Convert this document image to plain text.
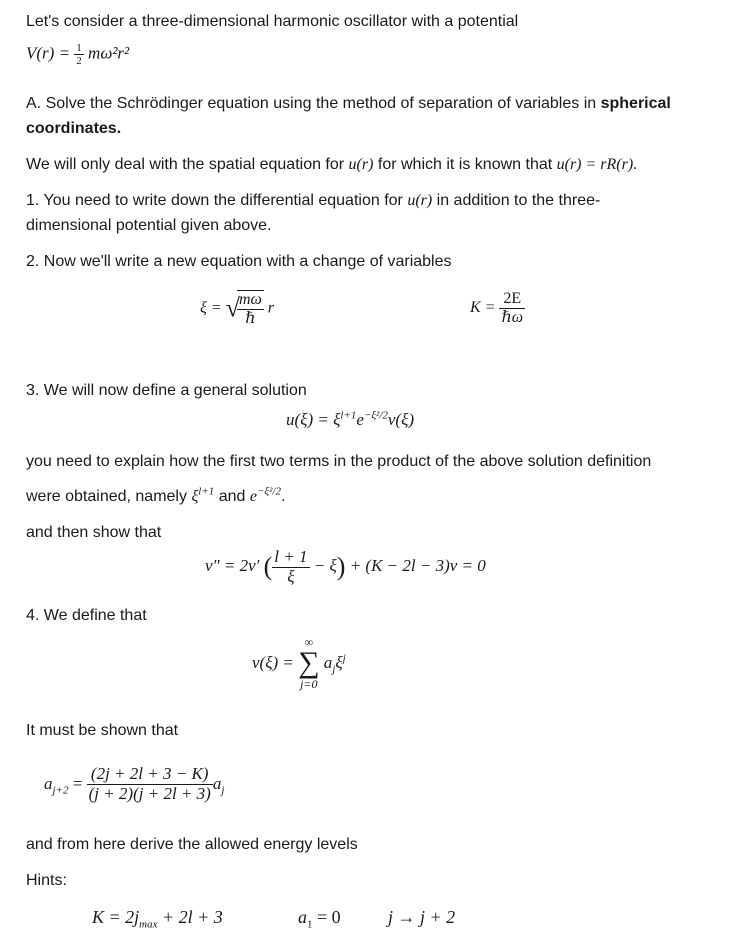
Let's consider a three-dimensional harmonic oscillator with a potential
$V(r) = \frac{1}{2} m\omega^2r^2$
A. Solve the Schrödinger equation using the method of separation of variables in spherical
coordinates.
We will only deal with the spatial equation for u(r) for which it is known that u(r) = rR(r).
1. You need to write down the differential equation for u(r) in addition to the three-
dimensional potential given above.
2. Now we'll write a new equation with a change of variables
ξ = √
$\frac{m\omega}{\text{ℏ}}$ r	$K = \frac{2E}{\text{ℏω}}$
3. We will now define a general solution
$u(\xi) = \xi^{l+1}e^{-\xi^2/2}v(\xi)$
you need to explain how the first two terms in the product of the above solution definition
were obtained, namely $\xi^{l+1}$ and $e^{-\xi^2/2}$.
and then show that
v″ = 2v′ ( $\frac{l + 1}{\xi} - \xi) + (K - 2l - 3)v = 0$
4. We define that
v(ξ) =
∞
∑
j=0
$a_j\xi^j$
It must be shown that
$a_{j+2} = \frac{(2j + 2l + 3 - K)}{(j + 2)(j + 2l + 3)} a_j$
and from here derive the allowed energy levels
Hints:
$K = 2j_{max} + 2l + 3$	$a_1 = 0$	j → j + 2
